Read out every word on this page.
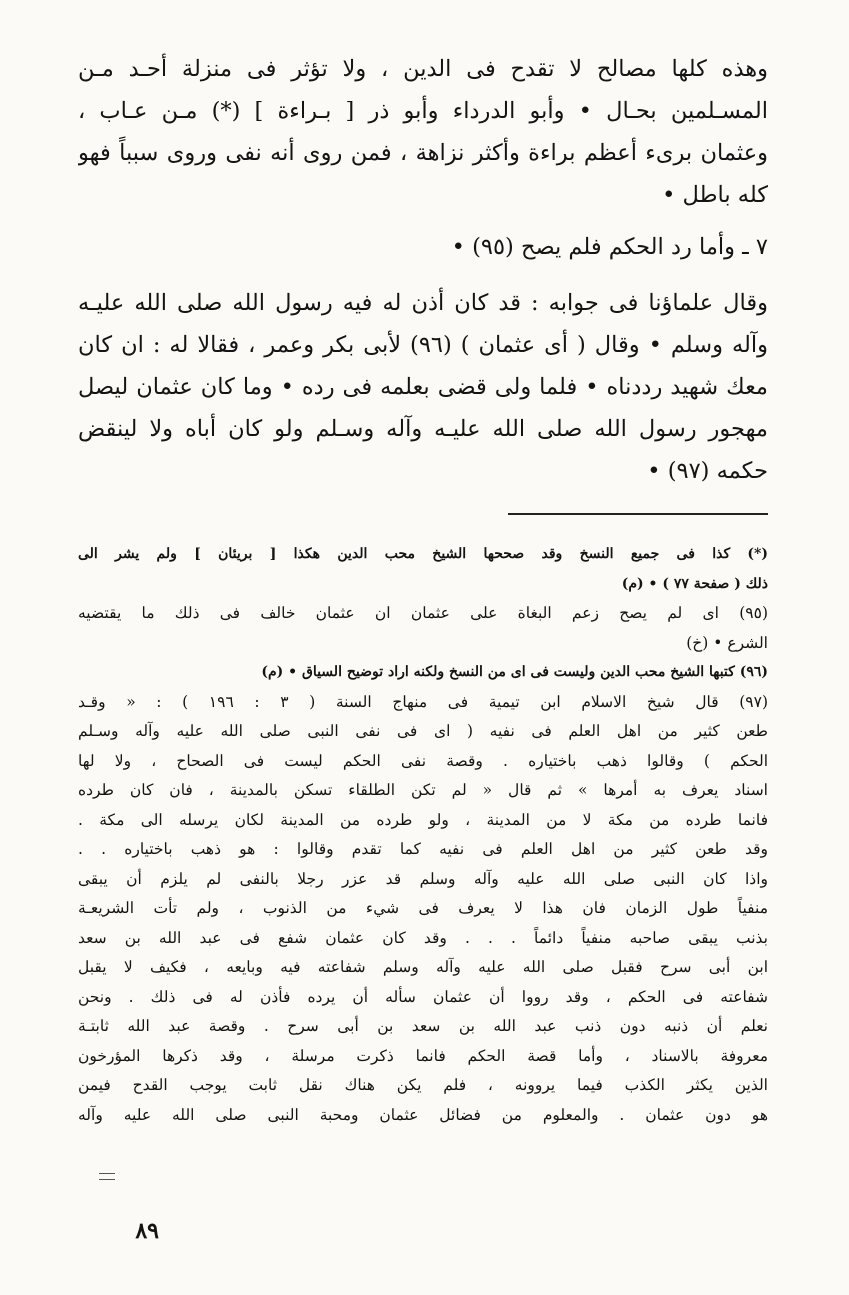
وهذه كلها مصالح لا تقدح فى الدين ، ولا تؤثر فى منزلة أحـد مـن
المسـلمين بحـال • وأبو الدرداء وأبو ذر [ بـراءة ] (*) مـن عـاب ،
وعثمان برىء أعظم براءة وأكثر نزاهة ، فمن روى أنه نفى وروى سبباً فهو
كله باطل •
٧ ـ وأما رد الحكم فلم يصح (٩٥) •
وقال علماؤنا فى جوابه : قد كان أذن له فيه رسول الله صلى الله عليـه
وآله وسلم • وقال ( أى عثمان ) (٩٦) لأبى بكر وعمر ، فقالا له : ان كان
معك شهيد رددناه • فلما ولى قضى بعلمه فى رده • وما كان عثمان ليصل
مهجور رسول الله صلى الله عليـه وآله وسـلم ولو كان أباه ولا لينقض
حكمه (٩٧) •
(*) كذا فى جميع النسخ وقد صححها الشيخ محب الدين هكذا [ بريئان ] ولم يشر الى
ذلك ( صفحة ٧٧ ) • (م)
(٩٥) اى لم يصح زعم البغاة على عثمان ان عثمان خالف فى ذلك ما يقتضيه
الشرع • (خ)
(٩٦) كتبها الشيخ محب الدين وليست فى اى من النسخ ولكنه اراد توضيح السياق • (م)
(٩٧) قال شيخ الاسلام ابن تيمية فى منهاج السنة ( ٣ : ١٩٦ ) : « وقـد
طعن كثير من اهل العلم فى نفيه ( اى فى نفى النبى صلى الله عليه وآله وسـلم
الحكم ) وقالوا ذهب باختياره . وقصة نفى الحكم ليست فى الصحاح ، ولا لها
اسناد يعرف به أمرها » ثم قال « لم تكن الطلقاء تسكن بالمدينة ، فان كان طرده
فانما طرده من مكة لا من المدينة ، ولو طرده من المدينة لكان يرسله الى مكة .
وقد طعن كثير من اهل العلم فى نفيه كما تقدم وقالوا : هو ذهب باختياره . .
واذا كان النبى صلى الله عليه وآله وسلم قد عزر رجلا بالنفى لم يلزم أن يبقى
منفياً طول الزمان فان هذا لا يعرف فى شيء من الذنوب ، ولم تأت الشريعـة
بذنب يبقى صاحبه منفياً دائماً . . . وقد كان عثمان شفع فى عبد الله بن سعد
ابن أبى سرح فقبل صلى الله عليه وآله وسلم شفاعته فيه وبايعه ، فكيف لا يقبل
شفاعته فى الحكم ، وقد رووا أن عثمان سأله أن يرده فأذن له فى ذلك . ونحن
نعلم أن ذنبه دون ذنب عبد الله بن سعد بن أبى سرح . وقصة عبد الله ثابتـة
معروفة بالاسناد ، وأما قصة الحكم فانما ذكرت مرسلة ، وقد ذكرها المؤرخون
الذين يكثر الكذب فيما يروونه ، فلم يكن هناك نقل ثابت يوجب القدح فيمن
هو دون عثمان . والمعلوم من فضائل عثمان ومحبة النبى صلى الله عليه وآله
٨٩
